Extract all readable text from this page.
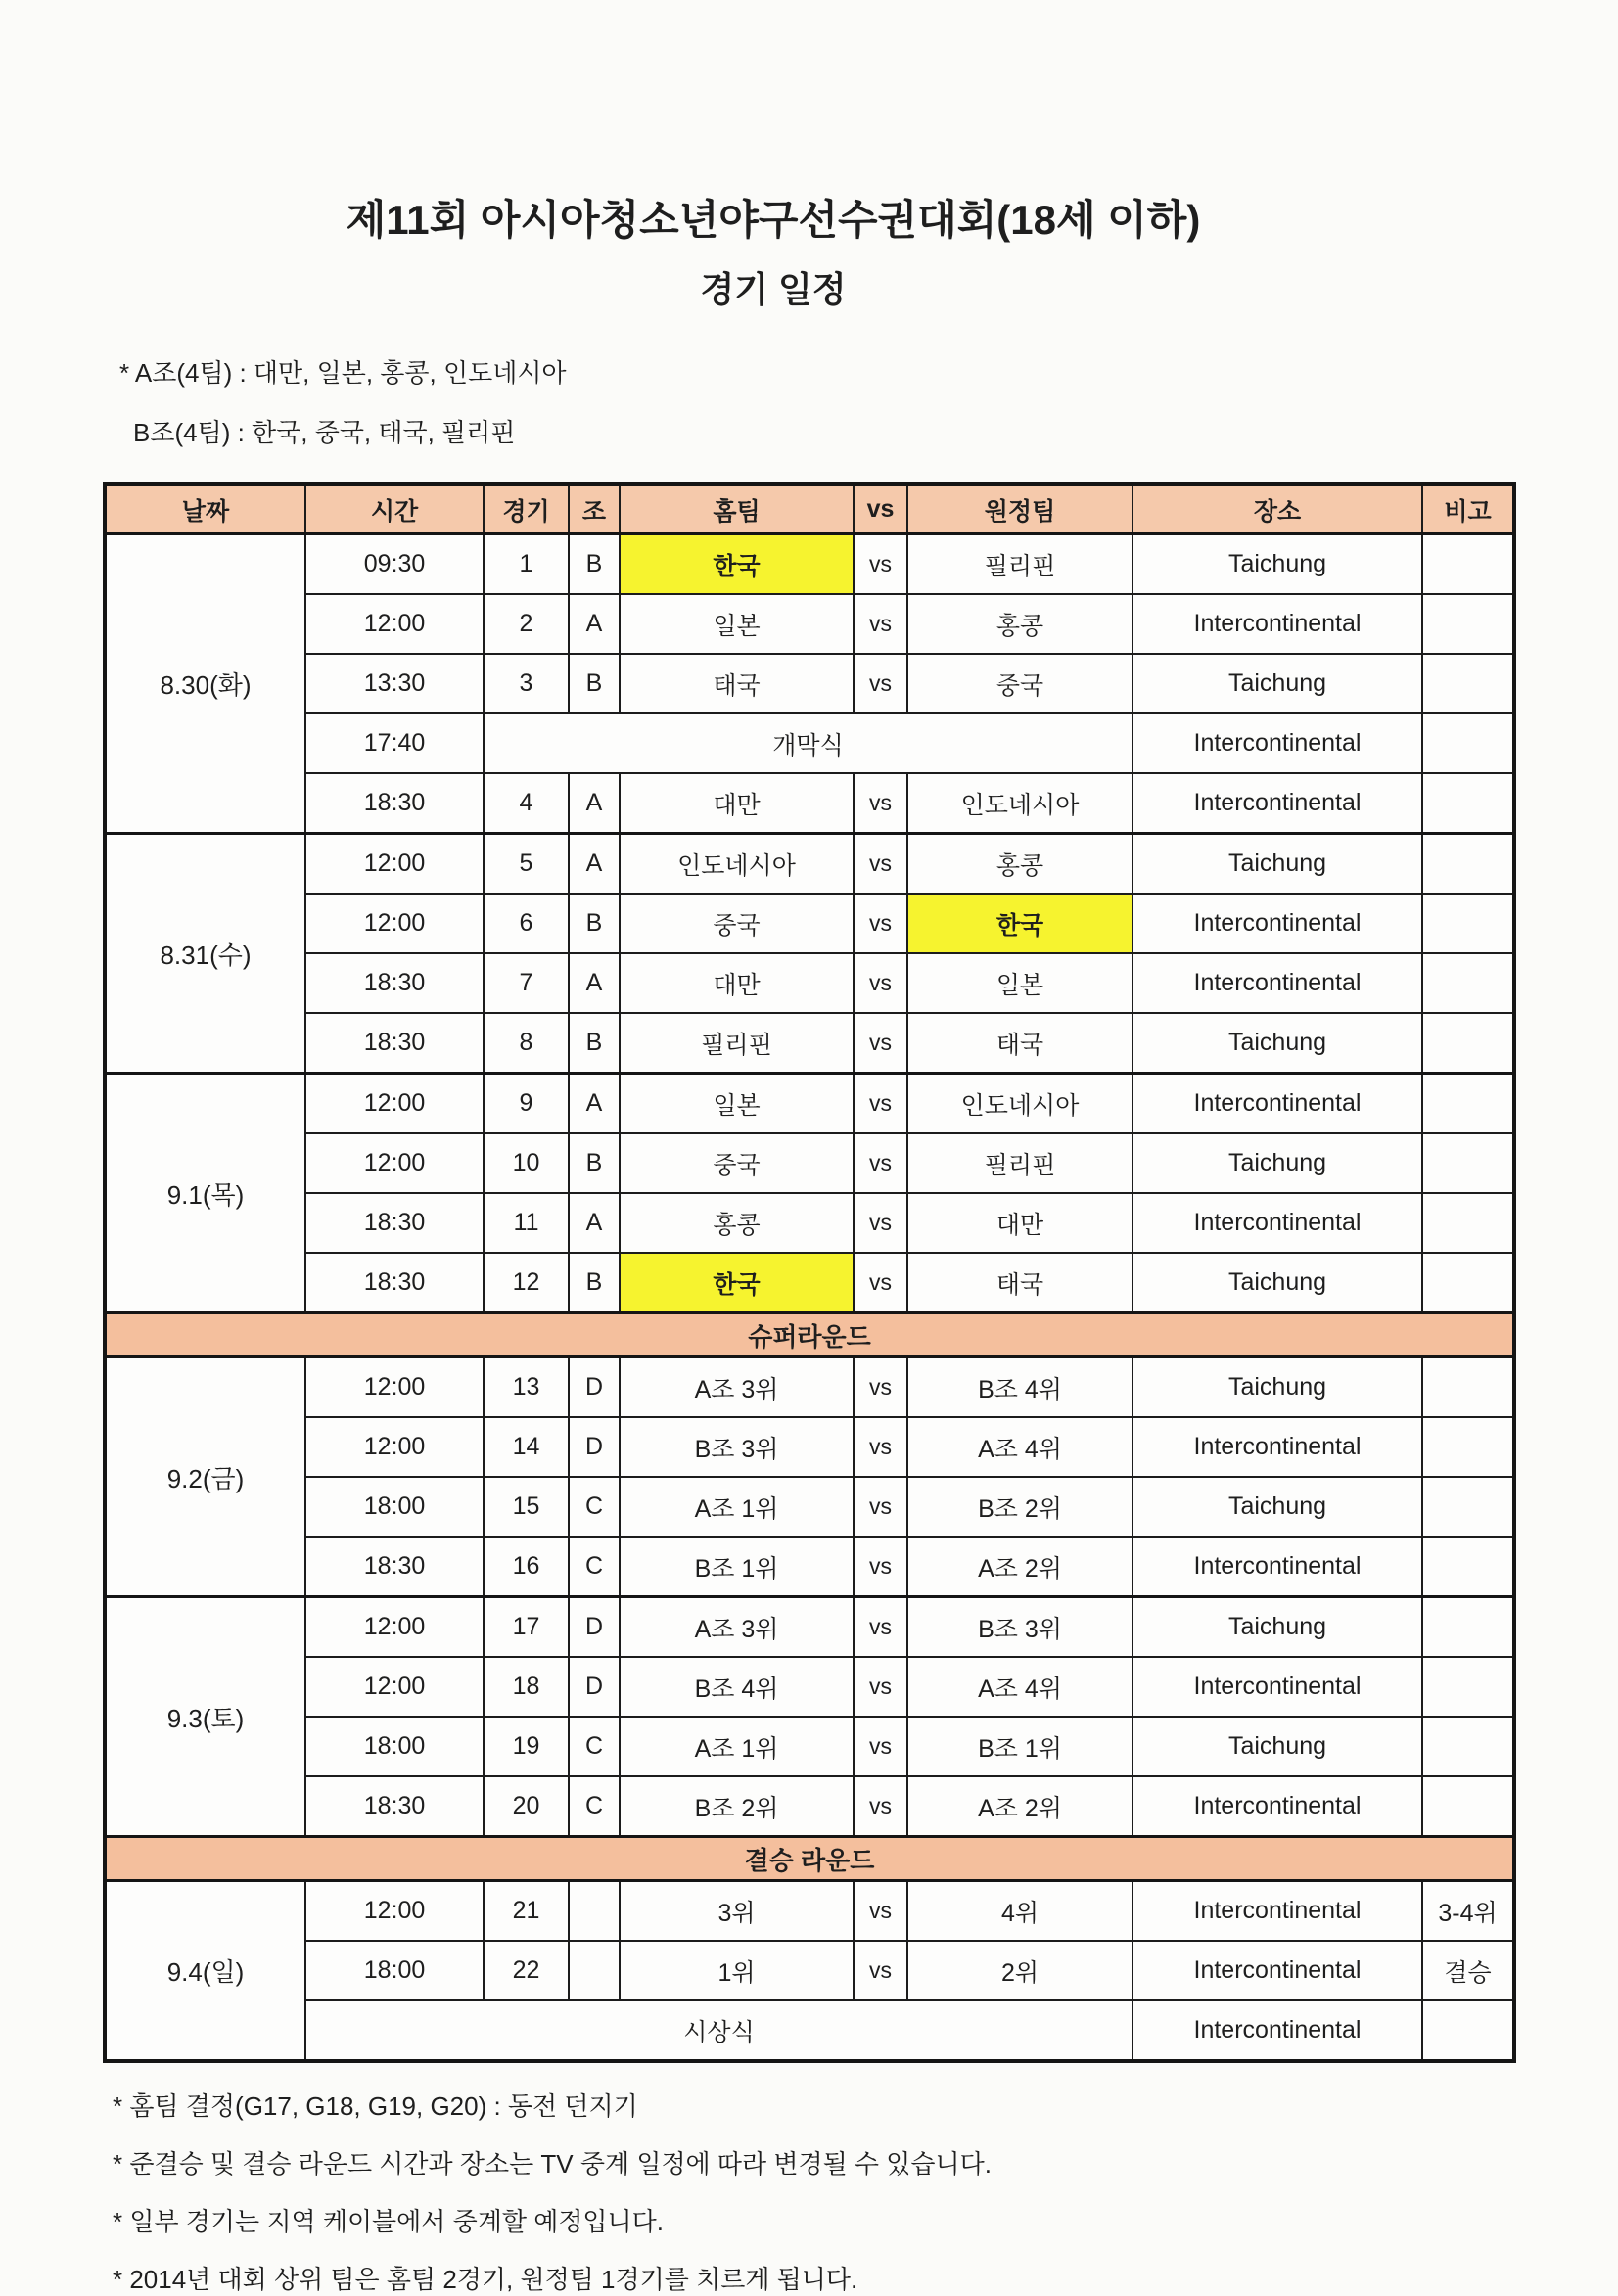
제11회 아시아청소년야구선수권대회(18세 이하)
경기 일정

* A조(4팀) : 대만, 일본, 홍콩, 인도네시아

B조(4팀) : 한국, 중국, 태국, 필리핀

날짜	시간	경기	조	홈팀	vs	원정팀	장소	비고
8.30(화)	09:30	1	B	한국	vs	필리핀	Taichung	
	12:00	2	A	일본	vs	홍콩	Intercontinental	
	13:30	3	B	태국	vs	중국	Taichung	
	17:40	개막식					Intercontinental	
	18:30	4	A	대만	vs	인도네시아	Intercontinental	
8.31(수)	12:00	5	A	인도네시아	vs	홍콩	Taichung	
	12:00	6	B	중국	vs	한국	Intercontinental	
	18:30	7	A	대만	vs	일본	Intercontinental	
	18:30	8	B	필리핀	vs	태국	Taichung	
9.1(목)	12:00	9	A	일본	vs	인도네시아	Intercontinental	
	12:00	10	B	중국	vs	필리핀	Taichung	
	18:30	11	A	홍콩	vs	대만	Intercontinental	
	18:30	12	B	한국	vs	태국	Taichung	
슈퍼라운드								
9.2(금)	12:00	13	D	A조 3위	vs	B조 4위	Taichung	
	12:00	14	D	B조 3위	vs	A조 4위	Intercontinental	
	18:00	15	C	A조 1위	vs	B조 2위	Taichung	
	18:30	16	C	B조 1위	vs	A조 2위	Intercontinental	
9.3(토)	12:00	17	D	A조 3위	vs	B조 3위	Taichung	
	12:00	18	D	B조 4위	vs	A조 4위	Intercontinental	
	18:00	19	C	A조 1위	vs	B조 1위	Taichung	
	18:30	20	C	B조 2위	vs	A조 2위	Intercontinental	
결승 라운드								
9.4(일)	12:00	21		3위	vs	4위	Intercontinental	3-4위
	18:00	22		1위	vs	2위	Intercontinental	결승
	시상식						Intercontinental	

* 홈팀 결정(G17, G18, G19, G20) : 동전 던지기

* 준결승 및 결승 라운드 시간과 장소는 TV 중계 일정에 따라 변경될 수 있습니다.

* 일부 경기는 지역 케이블에서 중계할 예정입니다.

* 2014년 대회 상위 팀은 홈팀 2경기, 원정팀 1경기를 치르게 됩니다.
